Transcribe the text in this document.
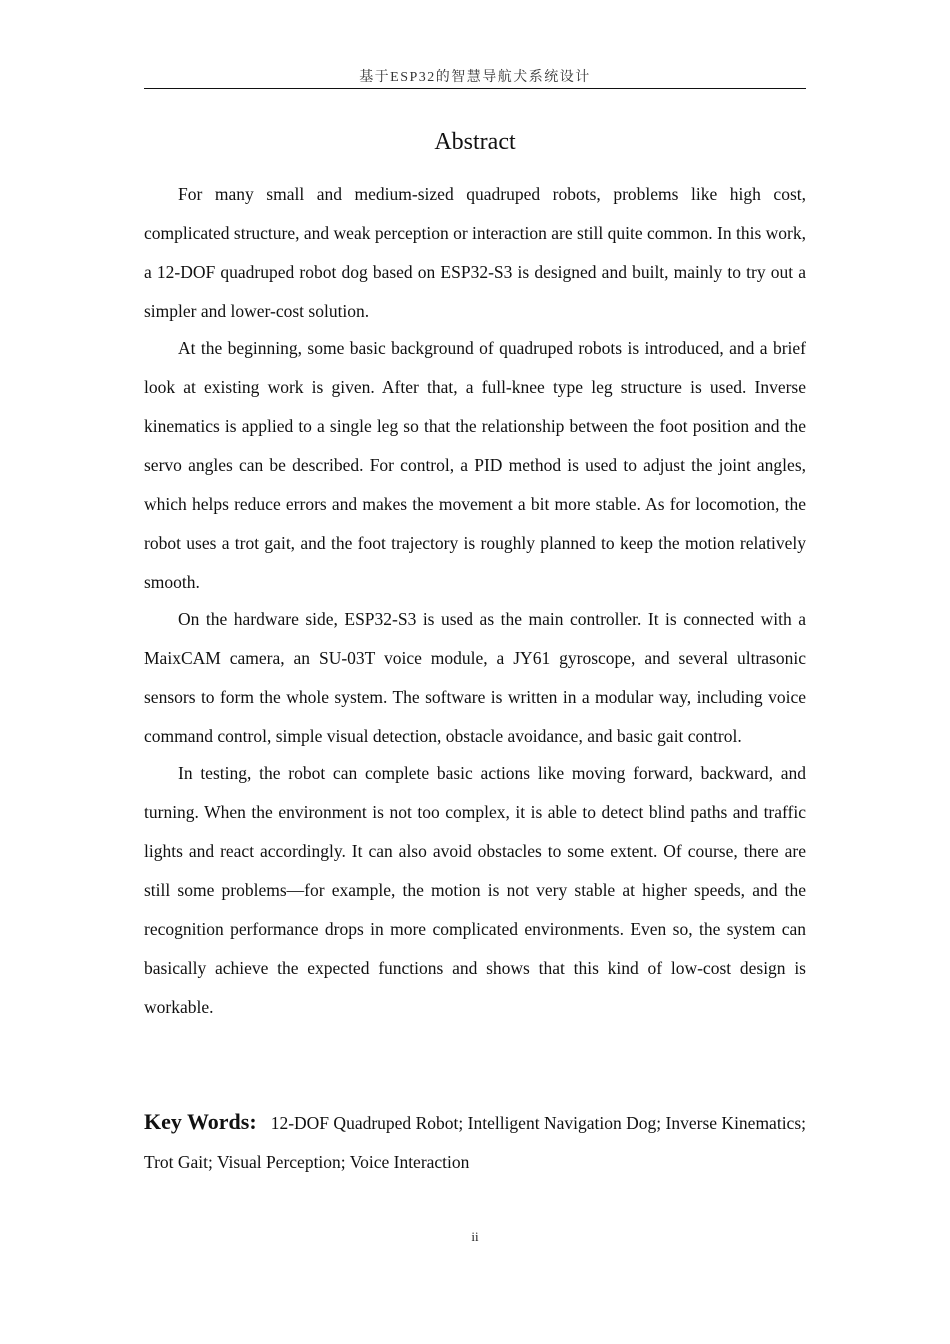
基于ESP32的智慧导航犬系统设计
Abstract

For many small and medium-sized quadruped robots, problems like high cost, complicated structure, and weak perception or interaction are still quite common. In this work, a 12-DOF quadruped robot dog based on ESP32-S3 is designed and built, mainly to try out a simpler and lower-cost solution.

At the beginning, some basic background of quadruped robots is introduced, and a brief look at existing work is given. After that, a full-knee type leg structure is used. Inverse kinematics is applied to a single leg so that the relationship between the foot position and the servo angles can be described. For control, a PID method is used to adjust the joint angles, which helps reduce errors and makes the movement a bit more stable. As for locomotion, the robot uses a trot gait, and the foot trajectory is roughly planned to keep the motion relatively smooth.

On the hardware side, ESP32-S3 is used as the main controller. It is connected with a MaixCAM camera, an SU-03T voice module, a JY61 gyroscope, and several ultrasonic sensors to form the whole system. The software is written in a modular way, including voice command control, simple visual detection, obstacle avoidance, and basic gait control.

In testing, the robot can complete basic actions like moving forward, backward, and turning. When the environment is not too complex, it is able to detect blind paths and traffic lights and react accordingly. It can also avoid obstacles to some extent. Of course, there are still some problems—for example, the motion is not very stable at higher speeds, and the recognition performance drops in more complicated environments. Even so, the system can basically achieve the expected functions and shows that this kind of low-cost design is workable.

Key Words: 12-DOF Quadruped Robot; Intelligent Navigation Dog; Inverse Kinematics; Trot Gait; Visual Perception; Voice Interaction
ii
